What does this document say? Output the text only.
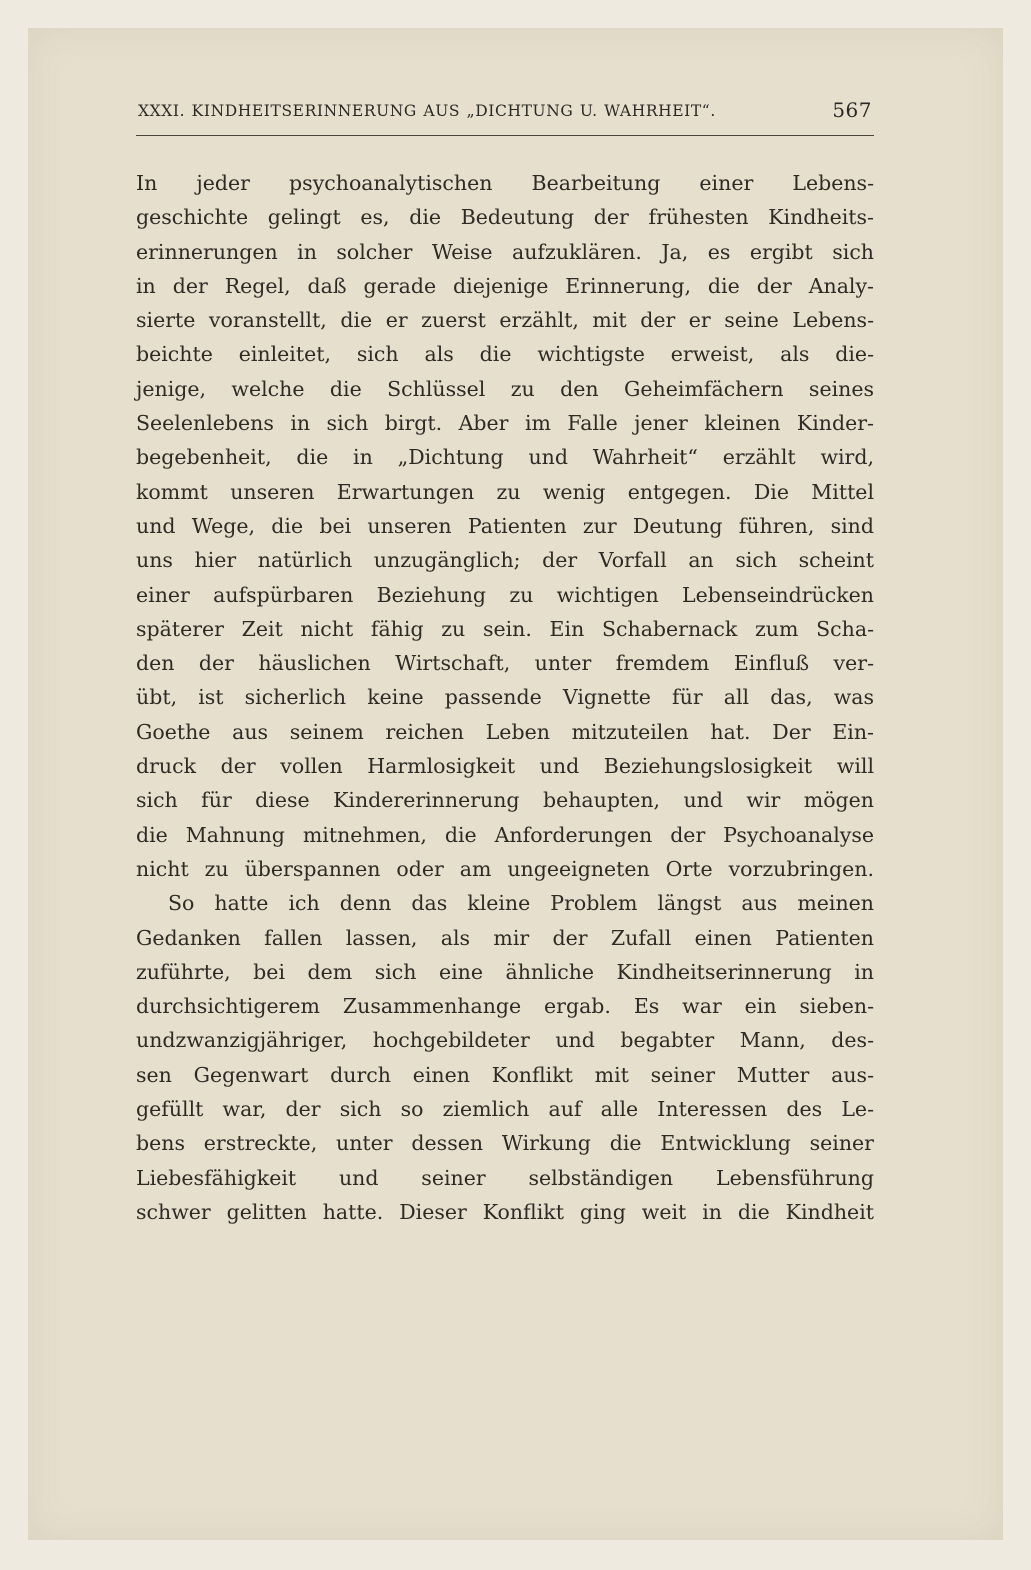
XXXI. KINDHEITSERINNERUNG AUS „DICHTUNG U. WAHRHEIT“.	567
In jeder psychoanalytischen Bearbeitung einer Lebens-
geschichte gelingt es, die Bedeutung der frühesten Kindheits-
erinnerungen in solcher Weise aufzuklären. Ja, es ergibt sich
in der Regel, daß gerade diejenige Erinnerung, die der Analy-
sierte voranstellt, die er zuerst erzählt, mit der er seine Lebens-
beichte einleitet, sich als die wichtigste erweist, als die-
jenige, welche die Schlüssel zu den Geheimfächern seines
Seelenlebens in sich birgt. Aber im Falle jener kleinen Kinder-
begebenheit, die in „Dichtung und Wahrheit“ erzählt wird,
kommt unseren Erwartungen zu wenig entgegen. Die Mittel
und Wege, die bei unseren Patienten zur Deutung führen, sind
uns hier natürlich unzugänglich; der Vorfall an sich scheint
einer aufspürbaren Beziehung zu wichtigen Lebenseindrücken
späterer Zeit nicht fähig zu sein. Ein Schabernack zum Scha-
den der häuslichen Wirtschaft, unter fremdem Einfluß ver-
übt, ist sicherlich keine passende Vignette für all das, was
Goethe aus seinem reichen Leben mitzuteilen hat. Der Ein-
druck der vollen Harmlosigkeit und Beziehungslosigkeit will
sich für diese Kindererinnerung behaupten, und wir mögen
die Mahnung mitnehmen, die Anforderungen der Psychoanalyse
nicht zu überspannen oder am ungeeigneten Orte vorzubringen.
So hatte ich denn das kleine Problem längst aus meinen
Gedanken fallen lassen, als mir der Zufall einen Patienten
zuführte, bei dem sich eine ähnliche Kindheitserinnerung in
durchsichtigerem Zusammenhange ergab. Es war ein sieben-
undzwanzigjähriger, hochgebildeter und begabter Mann, des-
sen Gegenwart durch einen Konflikt mit seiner Mutter aus-
gefüllt war, der sich so ziemlich auf alle Interessen des Le-
bens erstreckte, unter dessen Wirkung die Entwicklung seiner
Liebesfähigkeit und seiner selbständigen Lebensführung
schwer gelitten hatte. Dieser Konflikt ging weit in die Kindheit
